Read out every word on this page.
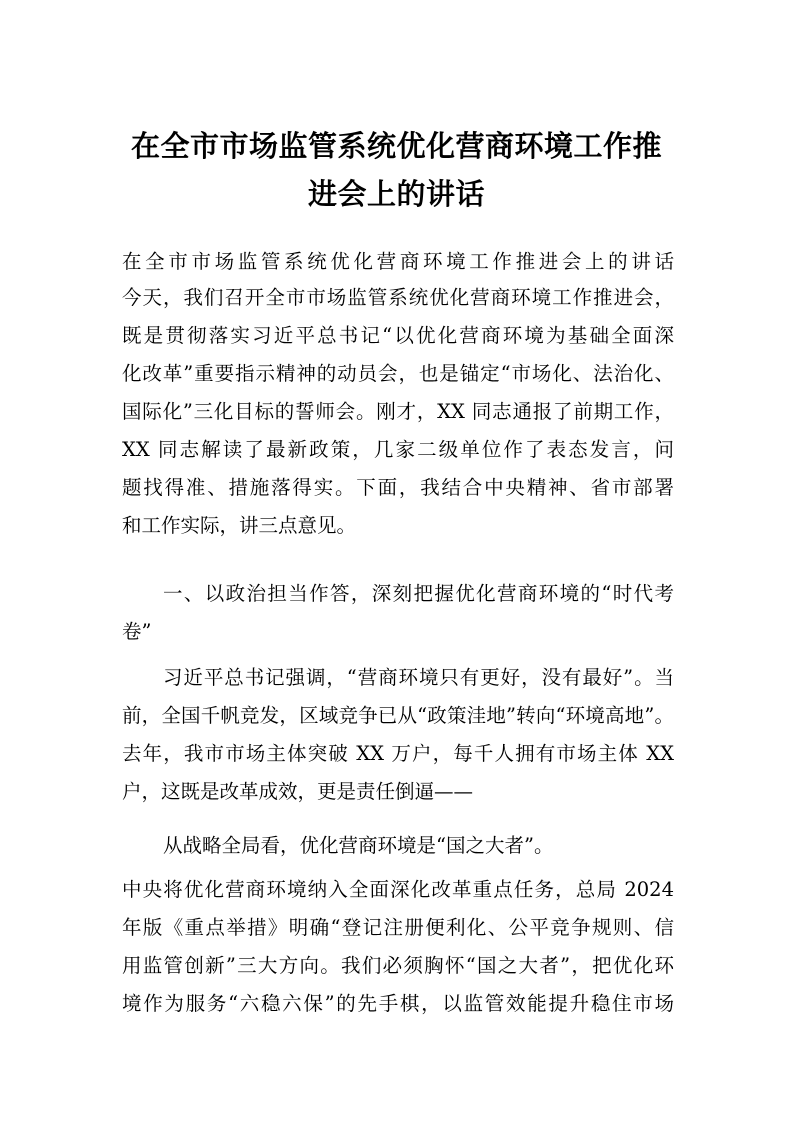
在全市市场监管系统优化营商环境工作推
进会上的讲话
在全市市场监管系统优化营商环境工作推进会上的讲话
今天，我们召开全市市场监管系统优化营商环境工作推进会，
既是贯彻落实习近平总书记“以优化营商环境为基础全面深
化改革”重要指示精神的动员会，也是锚定“市场化、法治化、
国际化”三化目标的誓师会。刚才，XX 同志通报了前期工作，
XX 同志解读了最新政策，几家二级单位作了表态发言，问
题找得准、措施落得实。下面，我结合中央精神、省市部署
和工作实际，讲三点意见。
一、以政治担当作答，深刻把握优化营商环境的“时代考
卷”
习近平总书记强调，“营商环境只有更好，没有最好”。当
前，全国千帆竞发，区域竞争已从“政策洼地”转向“环境高地”。
去年，我市市场主体突破 XX 万户，每千人拥有市场主体 XX
户，这既是改革成效，更是责任倒逼——
从战略全局看，优化营商环境是“国之大者”。
中央将优化营商环境纳入全面深化改革重点任务，总局 2024
年版《重点举措》明确“登记注册便利化、公平竞争规则、信
用监管创新”三大方向。我们必须胸怀“国之大者”，把优化环
境作为服务“六稳六保”的先手棋，以监管效能提升稳住市场
